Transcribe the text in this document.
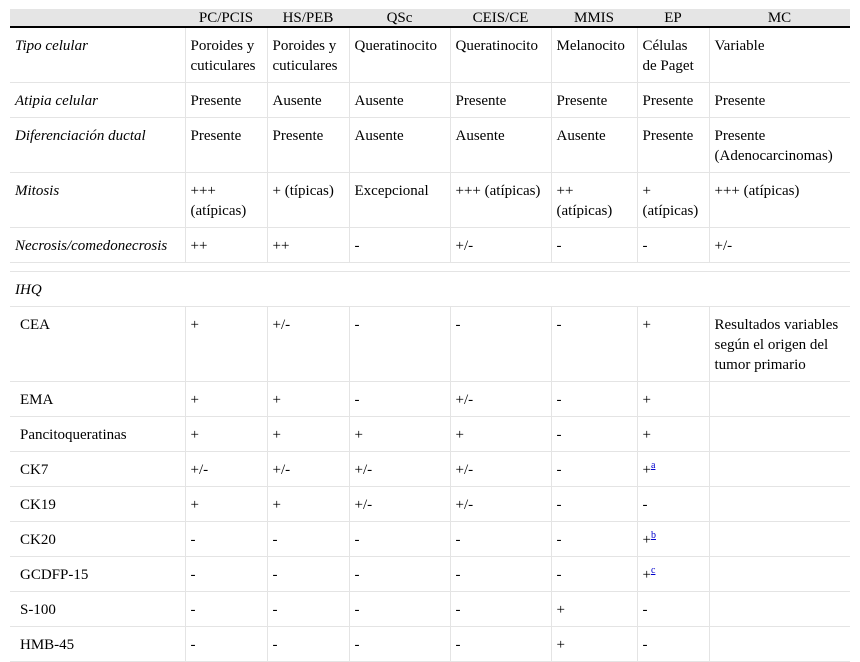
	PC/PCIS	HS/PEB	QSc	CEIS/CE	MMIS	EP	MC
Tipo celular	Poroides y cuticulares	Poroides y cuticulares	Queratinocito	Queratinocito	Melanocito	Células de Paget	Variable
Atipia celular	Presente	Ausente	Ausente	Presente	Presente	Presente	Presente
Diferenciación ductal	Presente	Presente	Ausente	Ausente	Ausente	Presente	Presente (Adenocarcinomas)
Mitosis	+++ (atípicas)	+ (típicas)	Excepcional	+++ (atípicas)	++ (atípicas)	+ (atípicas)	+++ (atípicas)
Necrosis/comedonecrosis	++	++	-	+/-	-	-	+/-

IHQ							
CEA	+	+/-	-	-	-	+	Resultados variables según el origen del tumor primario
EMA	+	+	-	+/-	-	+	
Pancitoqueratinas	+	+	+	+	-	+	
CK7	+/-	+/-	+/-	+/-	-	+$^a$	
CK19	+	+	+/-	+/-	-	-	
CK20	-	-	-	-	-	+$^b$	
GCDFP-15	-	-	-	-	-	+$^c$	
S-100	-	-	-	-	+	-	
HMB-45	-	-	-	-	+	-	
